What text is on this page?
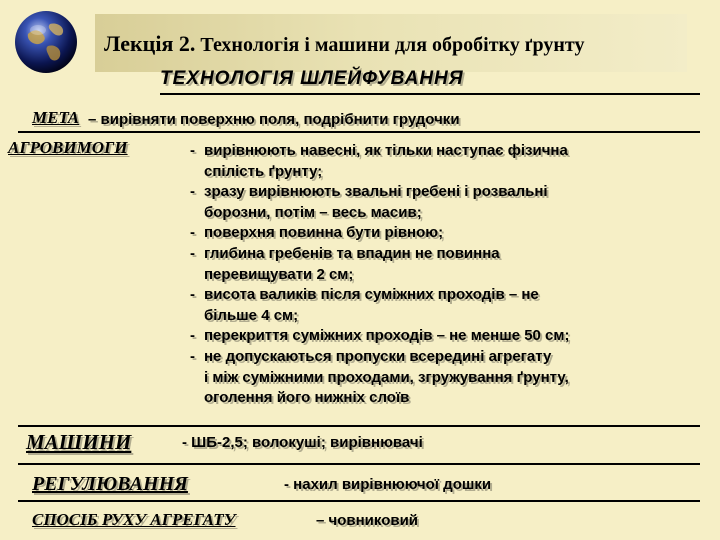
Лекція 2. Технологія і машини для обробітку ґрунту
ТЕХНОЛОГІЯ ШЛЕЙФУВАННЯ
МЕТА – вирівняти поверхню поля, подрібнити грудочки
АГРОВИМОГИ	- вирівнюють навесні, як тільки наступає фізична
спілість ґрунту;
- зразу вирівнюють звальні гребені і розвальні
борозни, потім – весь масив;
- поверхня повинна бути рівною;
- глибина гребенів та впадин не повинна
перевищувати 2 см;
- висота валиків після суміжних проходів – не
більше 4 см;
- перекриття суміжних проходів – не менше 50 см;
- не допускаються пропуски всередині агрегату
і між суміжними проходами, згружування ґрунту,
оголення його нижніх слоїв
МАШИНИ	- ШБ-2,5; волокуші; вирівнювачі
РЕГУЛЮВАННЯ	- нахил вирівнюючої дошки
СПОСІБ РУХУ АГРЕГАТУ	– човниковий
